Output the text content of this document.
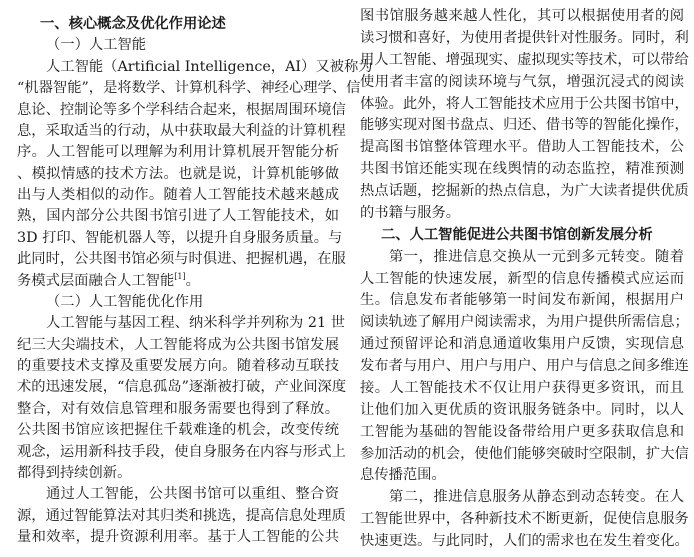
一、核心概念及优化作用论述
（一）人工智能
人工智能（Artificial Intelligence，AI）又被称为
“机器智能”，是将数学、计算机科学、神经心理学、信
息论、控制论等多个学科结合起来，根据周围环境信
息，采取适当的行动，从中获取最大利益的计算机程
序。人工智能可以理解为利用计算机展开智能分析
、模拟情感的技术方法。也就是说，计算机能够做
出与人类相似的动作。随着人工智能技术越来越成
熟，国内部分公共图书馆引进了人工智能技术，如
3D 打印、智能机器人等，以提升自身服务质量。与
此同时，公共图书馆必须与时俱进、把握机遇，在服
务模式层面融合人工智能[1]。
（二）人工智能优化作用
人工智能与基因工程、纳米科学并列称为 21 世
纪三大尖端技术，人工智能将成为公共图书馆发展
的重要技术支撑及重要发展方向。随着移动互联技
术的迅速发展，“信息孤岛”逐渐被打破，产业间深度
整合，对有效信息管理和服务需要也得到了释放。
公共图书馆应该把握住千载难逢的机会，改变传统
观念，运用新科技手段，使自身服务在内容与形式上
都得到持续创新。
通过人工智能，公共图书馆可以重组、整合资
源，通过智能算法对其归类和挑选，提高信息处理质
量和效率，提升资源利用率。基于人工智能的公共
图书馆服务越来越人性化，其可以根据使用者的阅
读习惯和喜好，为使用者提供针对性服务。同时，利
用人工智能、增强现实、虚拟现实等技术，可以带给
使用者丰富的阅读环境与气氛，增强沉浸式的阅读
体验。此外，将人工智能技术应用于公共图书馆中，
能够实现对图书盘点、归还、借书等的智能化操作，
提高图书馆整体管理水平。借助人工智能技术，公
共图书馆还能实现在线舆情的动态监控，精准预测
热点话题，挖掘新的热点信息，为广大读者提供优质
的书籍与服务。
二、人工智能促进公共图书馆创新发展分析
第一，推进信息交换从一元到多元转变。随着
人工智能的快速发展，新型的信息传播模式应运而
生。信息发布者能够第一时间发布新闻，根据用户
阅读轨迹了解用户阅读需求，为用户提供所需信息；
通过预留评论和消息通道收集用户反馈，实现信息
发布者与用户、用户与用户、用户与信息之间多维连
接。人工智能技术不仅让用户获得更多资讯，而且
让他们加入更优质的资讯服务链条中。同时，以人
工智能为基础的智能设备带给用户更多获取信息和
参加活动的机会，使他们能够突破时空限制，扩大信
息传播范围。
第二，推进信息服务从静态到动态转变。在人
工智能世界中，各种新技术不断更新，促使信息服务
快速更迭。与此同时，人们的需求也在发生着变化。
